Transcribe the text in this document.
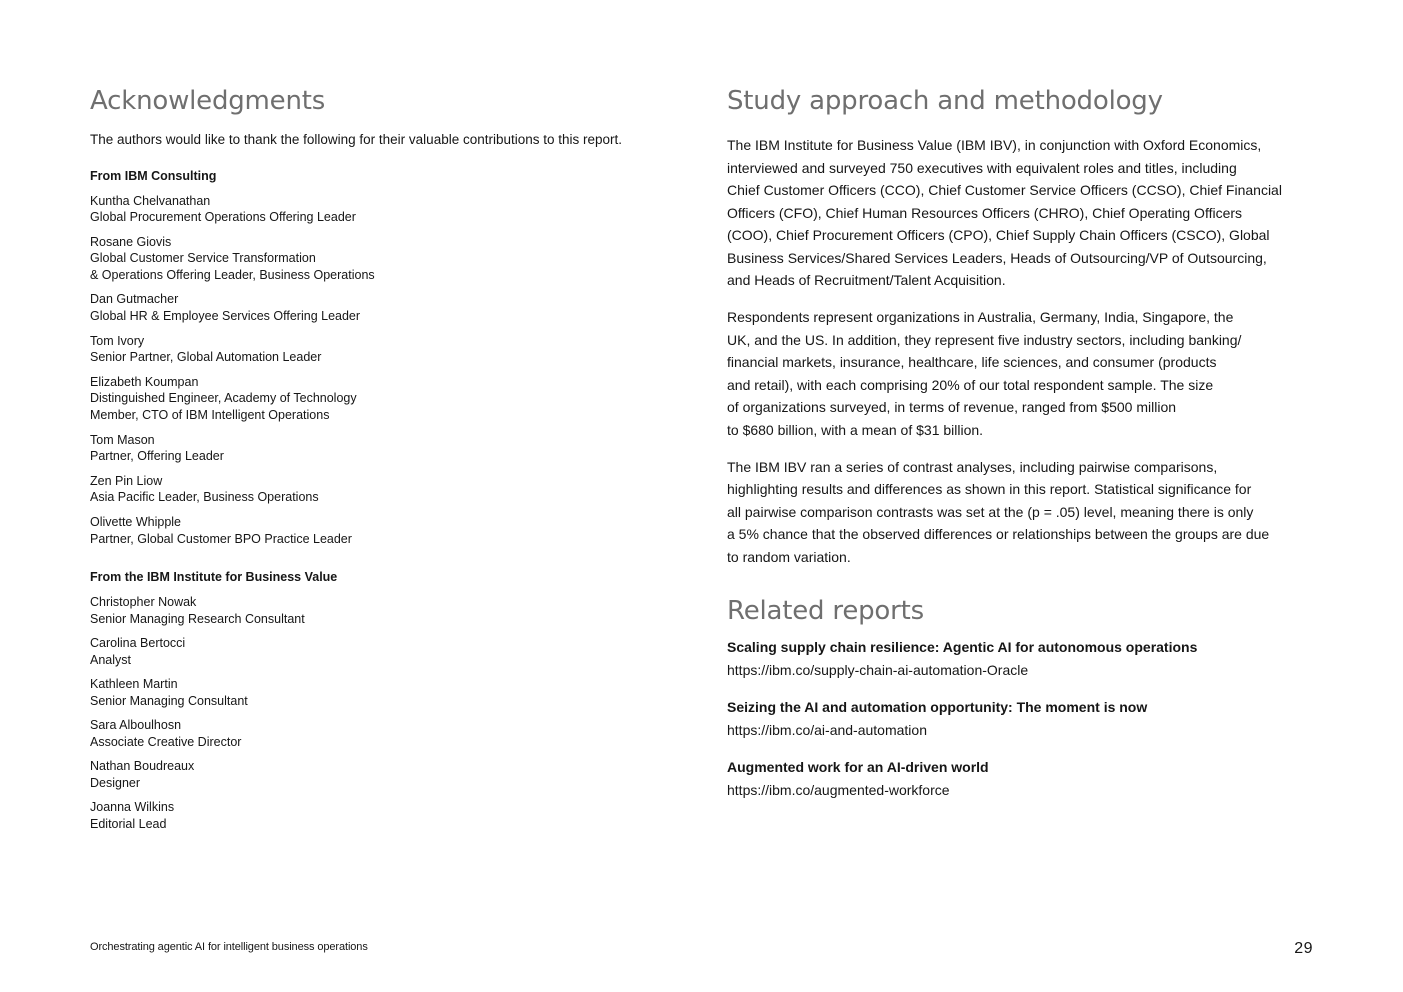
Acknowledgments

The authors would like to thank the following for their valuable contributions to this report.

From IBM Consulting

Kuntha Chelvanathan
Global Procurement Operations Offering Leader
Rosane Giovis
Global Customer Service Transformation
& Operations Offering Leader, Business Operations
Dan Gutmacher
Global HR & Employee Services Offering Leader
Tom Ivory
Senior Partner, Global Automation Leader
Elizabeth Koumpan
Distinguished Engineer, Academy of Technology
Member, CTO of IBM Intelligent Operations
Tom Mason
Partner, Offering Leader
Zen Pin Liow
Asia Pacific Leader, Business Operations
Olivette Whipple
Partner, Global Customer BPO Practice Leader

From the IBM Institute for Business Value

Christopher Nowak
Senior Managing Research Consultant
Carolina Bertocci
Analyst
Kathleen Martin
Senior Managing Consultant
Sara Alboulhosn
Associate Creative Director
Nathan Boudreaux
Designer
Joanna Wilkins
Editorial Lead
Study approach and methodology

The IBM Institute for Business Value (IBM IBV), in conjunction with Oxford Economics,
interviewed and surveyed 750 executives with equivalent roles and titles, including
Chief Customer Officers (CCO), Chief Customer Service Officers (CCSO), Chief Financial
Officers (CFO), Chief Human Resources Officers (CHRO), Chief Operating Officers
(COO), Chief Procurement Officers (CPO), Chief Supply Chain Officers (CSCO), Global
Business Services/Shared Services Leaders, Heads of Outsourcing/VP of Outsourcing,
and Heads of Recruitment/Talent Acquisition.

Respondents represent organizations in Australia, Germany, India, Singapore, the
UK, and the US. In addition, they represent five industry sectors, including banking/
financial markets, insurance, healthcare, life sciences, and consumer (products
and retail), with each comprising 20% of our total respondent sample. The size
of organizations surveyed, in terms of revenue, ranged from $500 million
to $680 billion, with a mean of $31 billion.

The IBM IBV ran a series of contrast analyses, including pairwise comparisons,
highlighting results and differences as shown in this report. Statistical significance for
all pairwise comparison contrasts was set at the (p = .05) level, meaning there is only
a 5% chance that the observed differences or relationships between the groups are due
to random variation.

Related reports
Scaling supply chain resilience: Agentic AI for autonomous operations
https://ibm.co/supply-chain-ai-automation-Oracle
Seizing the AI and automation opportunity: The moment is now
https://ibm.co/ai-and-automation
Augmented work for an AI-driven world
https://ibm.co/augmented-workforce
Orchestrating agentic AI for intelligent business operations	29
